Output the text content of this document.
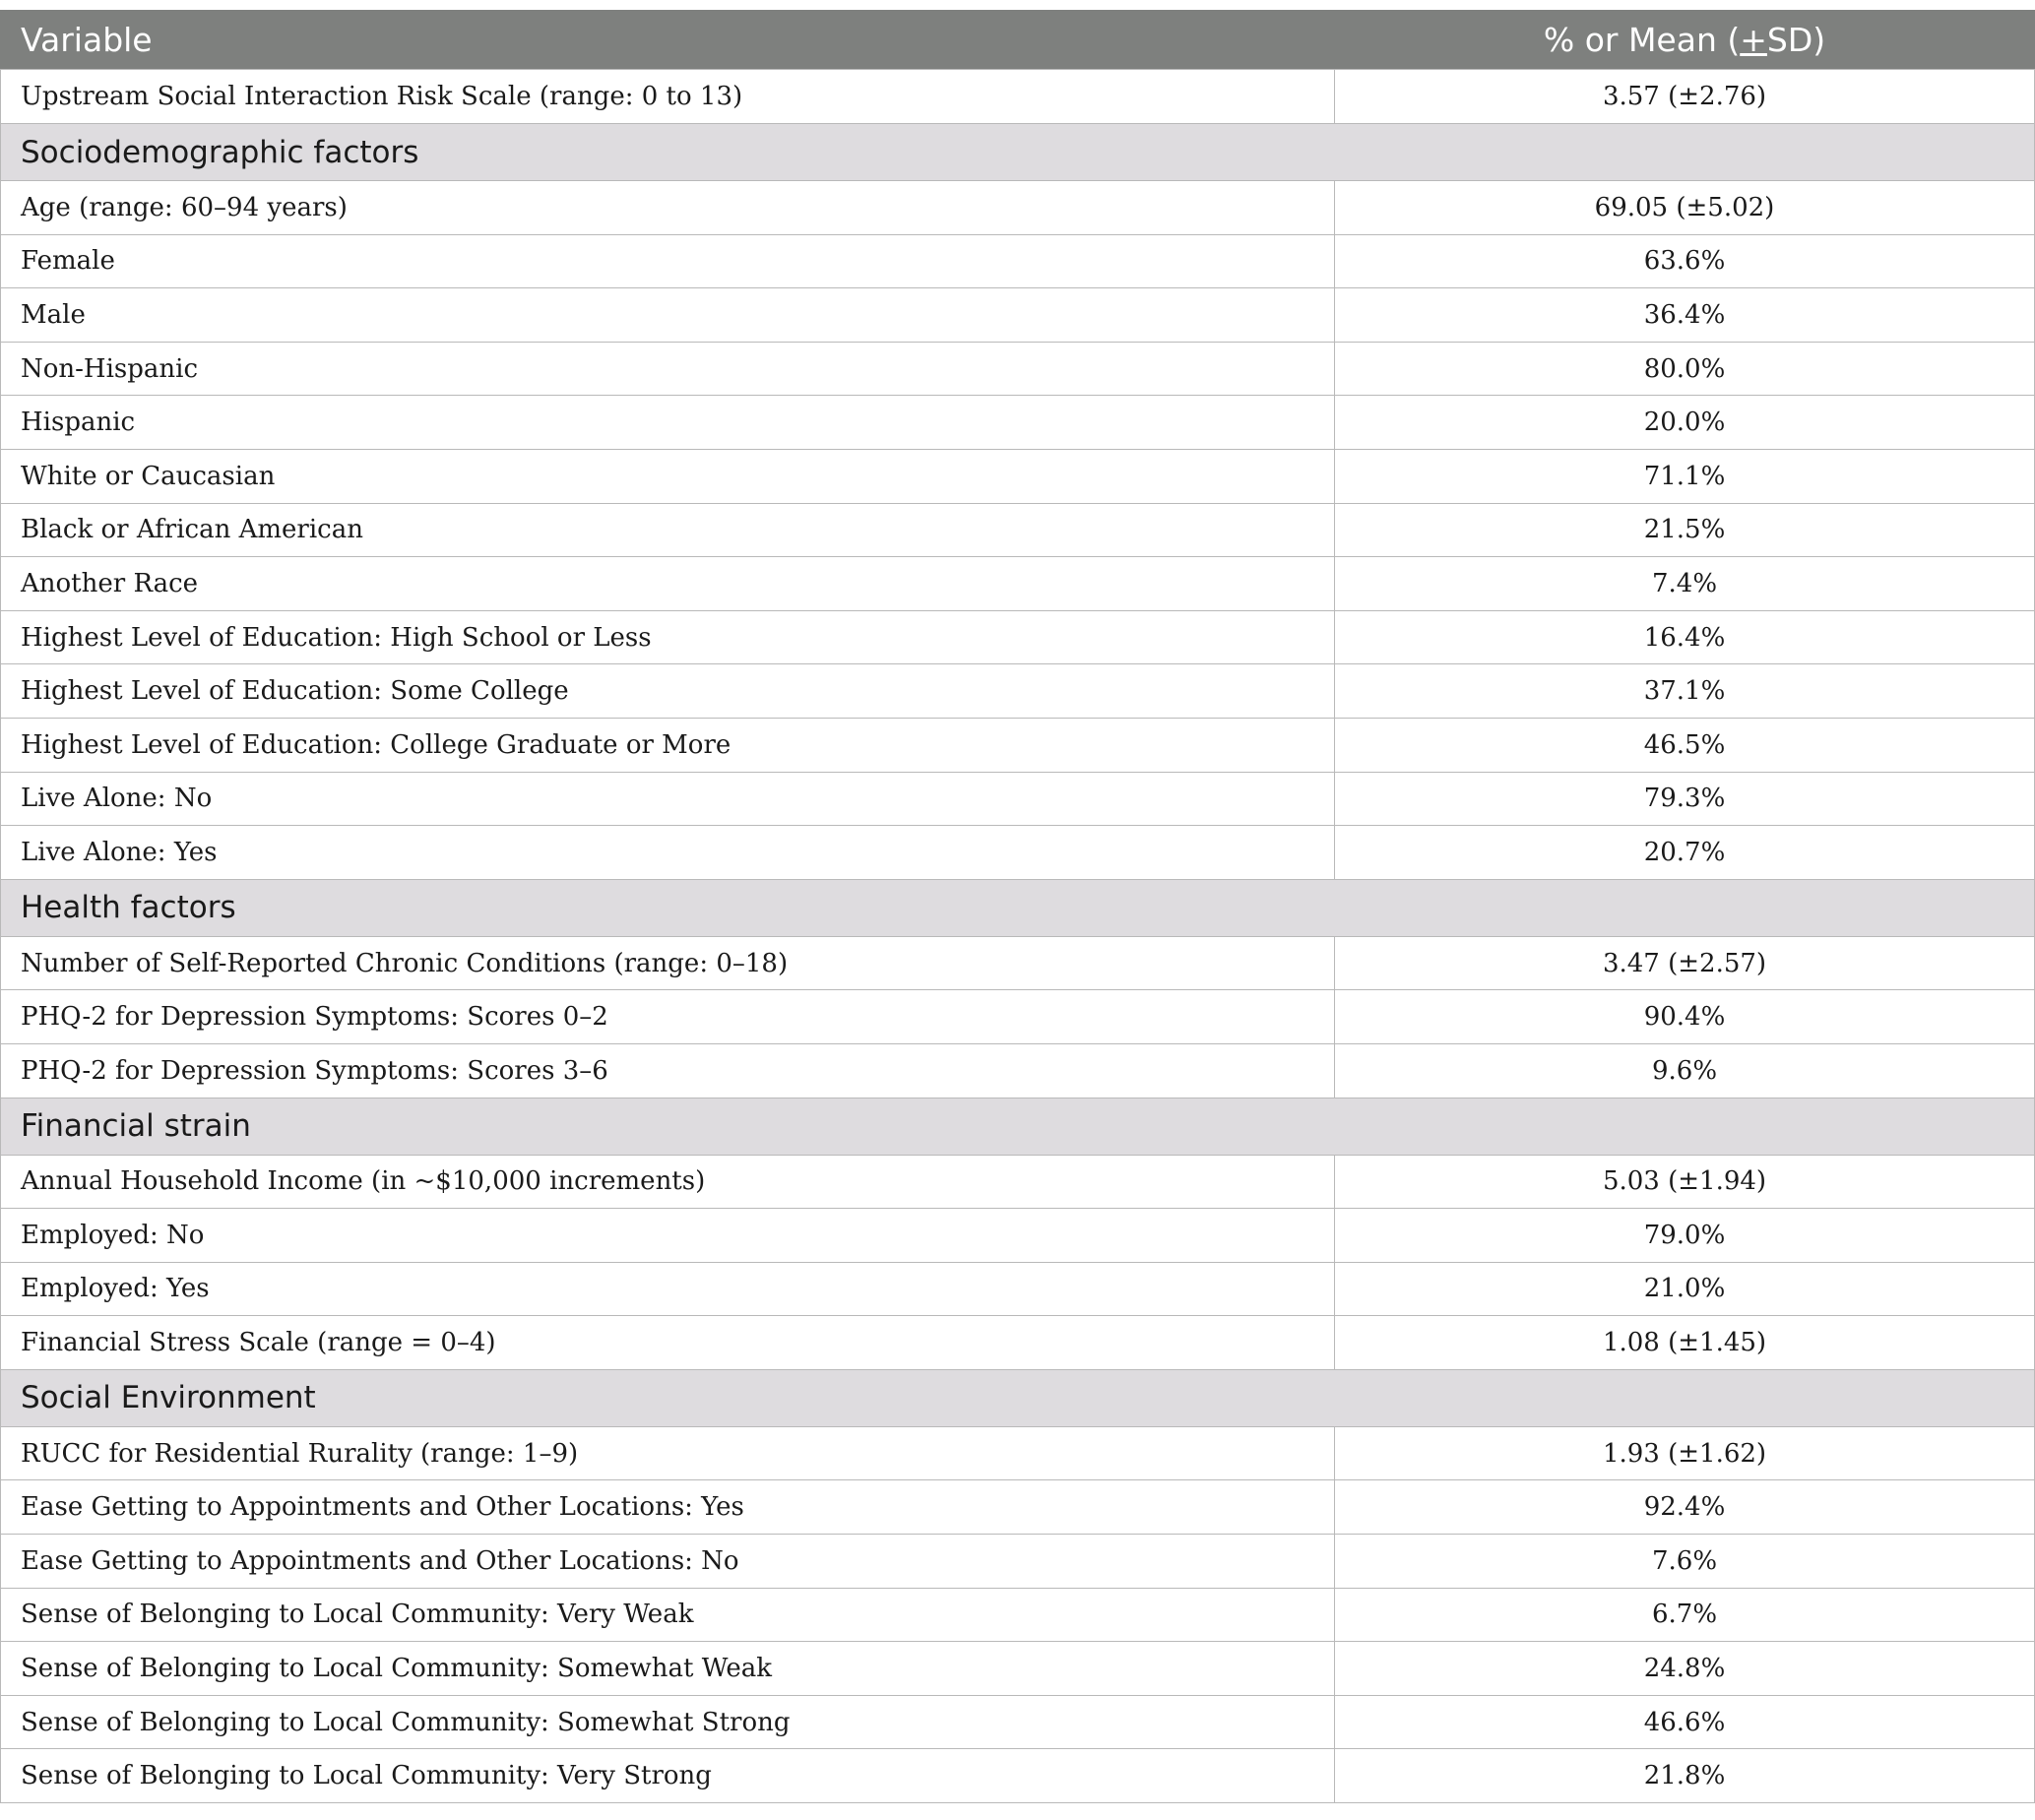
Variable	% or Mean (+SD)
Upstream Social Interaction Risk Scale (range: 0 to 13)	3.57 (±2.76)
Sociodemographic factors	
Age (range: 60–94 years)	69.05 (±5.02)
Female	63.6%
Male	36.4%
Non-Hispanic	80.0%
Hispanic	20.0%
White or Caucasian	71.1%
Black or African American	21.5%
Another Race	7.4%
Highest Level of Education: High School or Less	16.4%
Highest Level of Education: Some College	37.1%
Highest Level of Education: College Graduate or More	46.5%
Live Alone: No	79.3%
Live Alone: Yes	20.7%
Health factors	
Number of Self-Reported Chronic Conditions (range: 0–18)	3.47 (±2.57)
PHQ-2 for Depression Symptoms: Scores 0–2	90.4%
PHQ-2 for Depression Symptoms: Scores 3–6	9.6%
Financial strain	
Annual Household Income (in ~$10,000 increments)	5.03 (±1.94)
Employed: No	79.0%
Employed: Yes	21.0%
Financial Stress Scale (range = 0–4)	1.08 (±1.45)
Social Environment	
RUCC for Residential Rurality (range: 1–9)	1.93 (±1.62)
Ease Getting to Appointments and Other Locations: Yes	92.4%
Ease Getting to Appointments and Other Locations: No	7.6%
Sense of Belonging to Local Community: Very Weak	6.7%
Sense of Belonging to Local Community: Somewhat Weak	24.8%
Sense of Belonging to Local Community: Somewhat Strong	46.6%
Sense of Belonging to Local Community: Very Strong	21.8%
